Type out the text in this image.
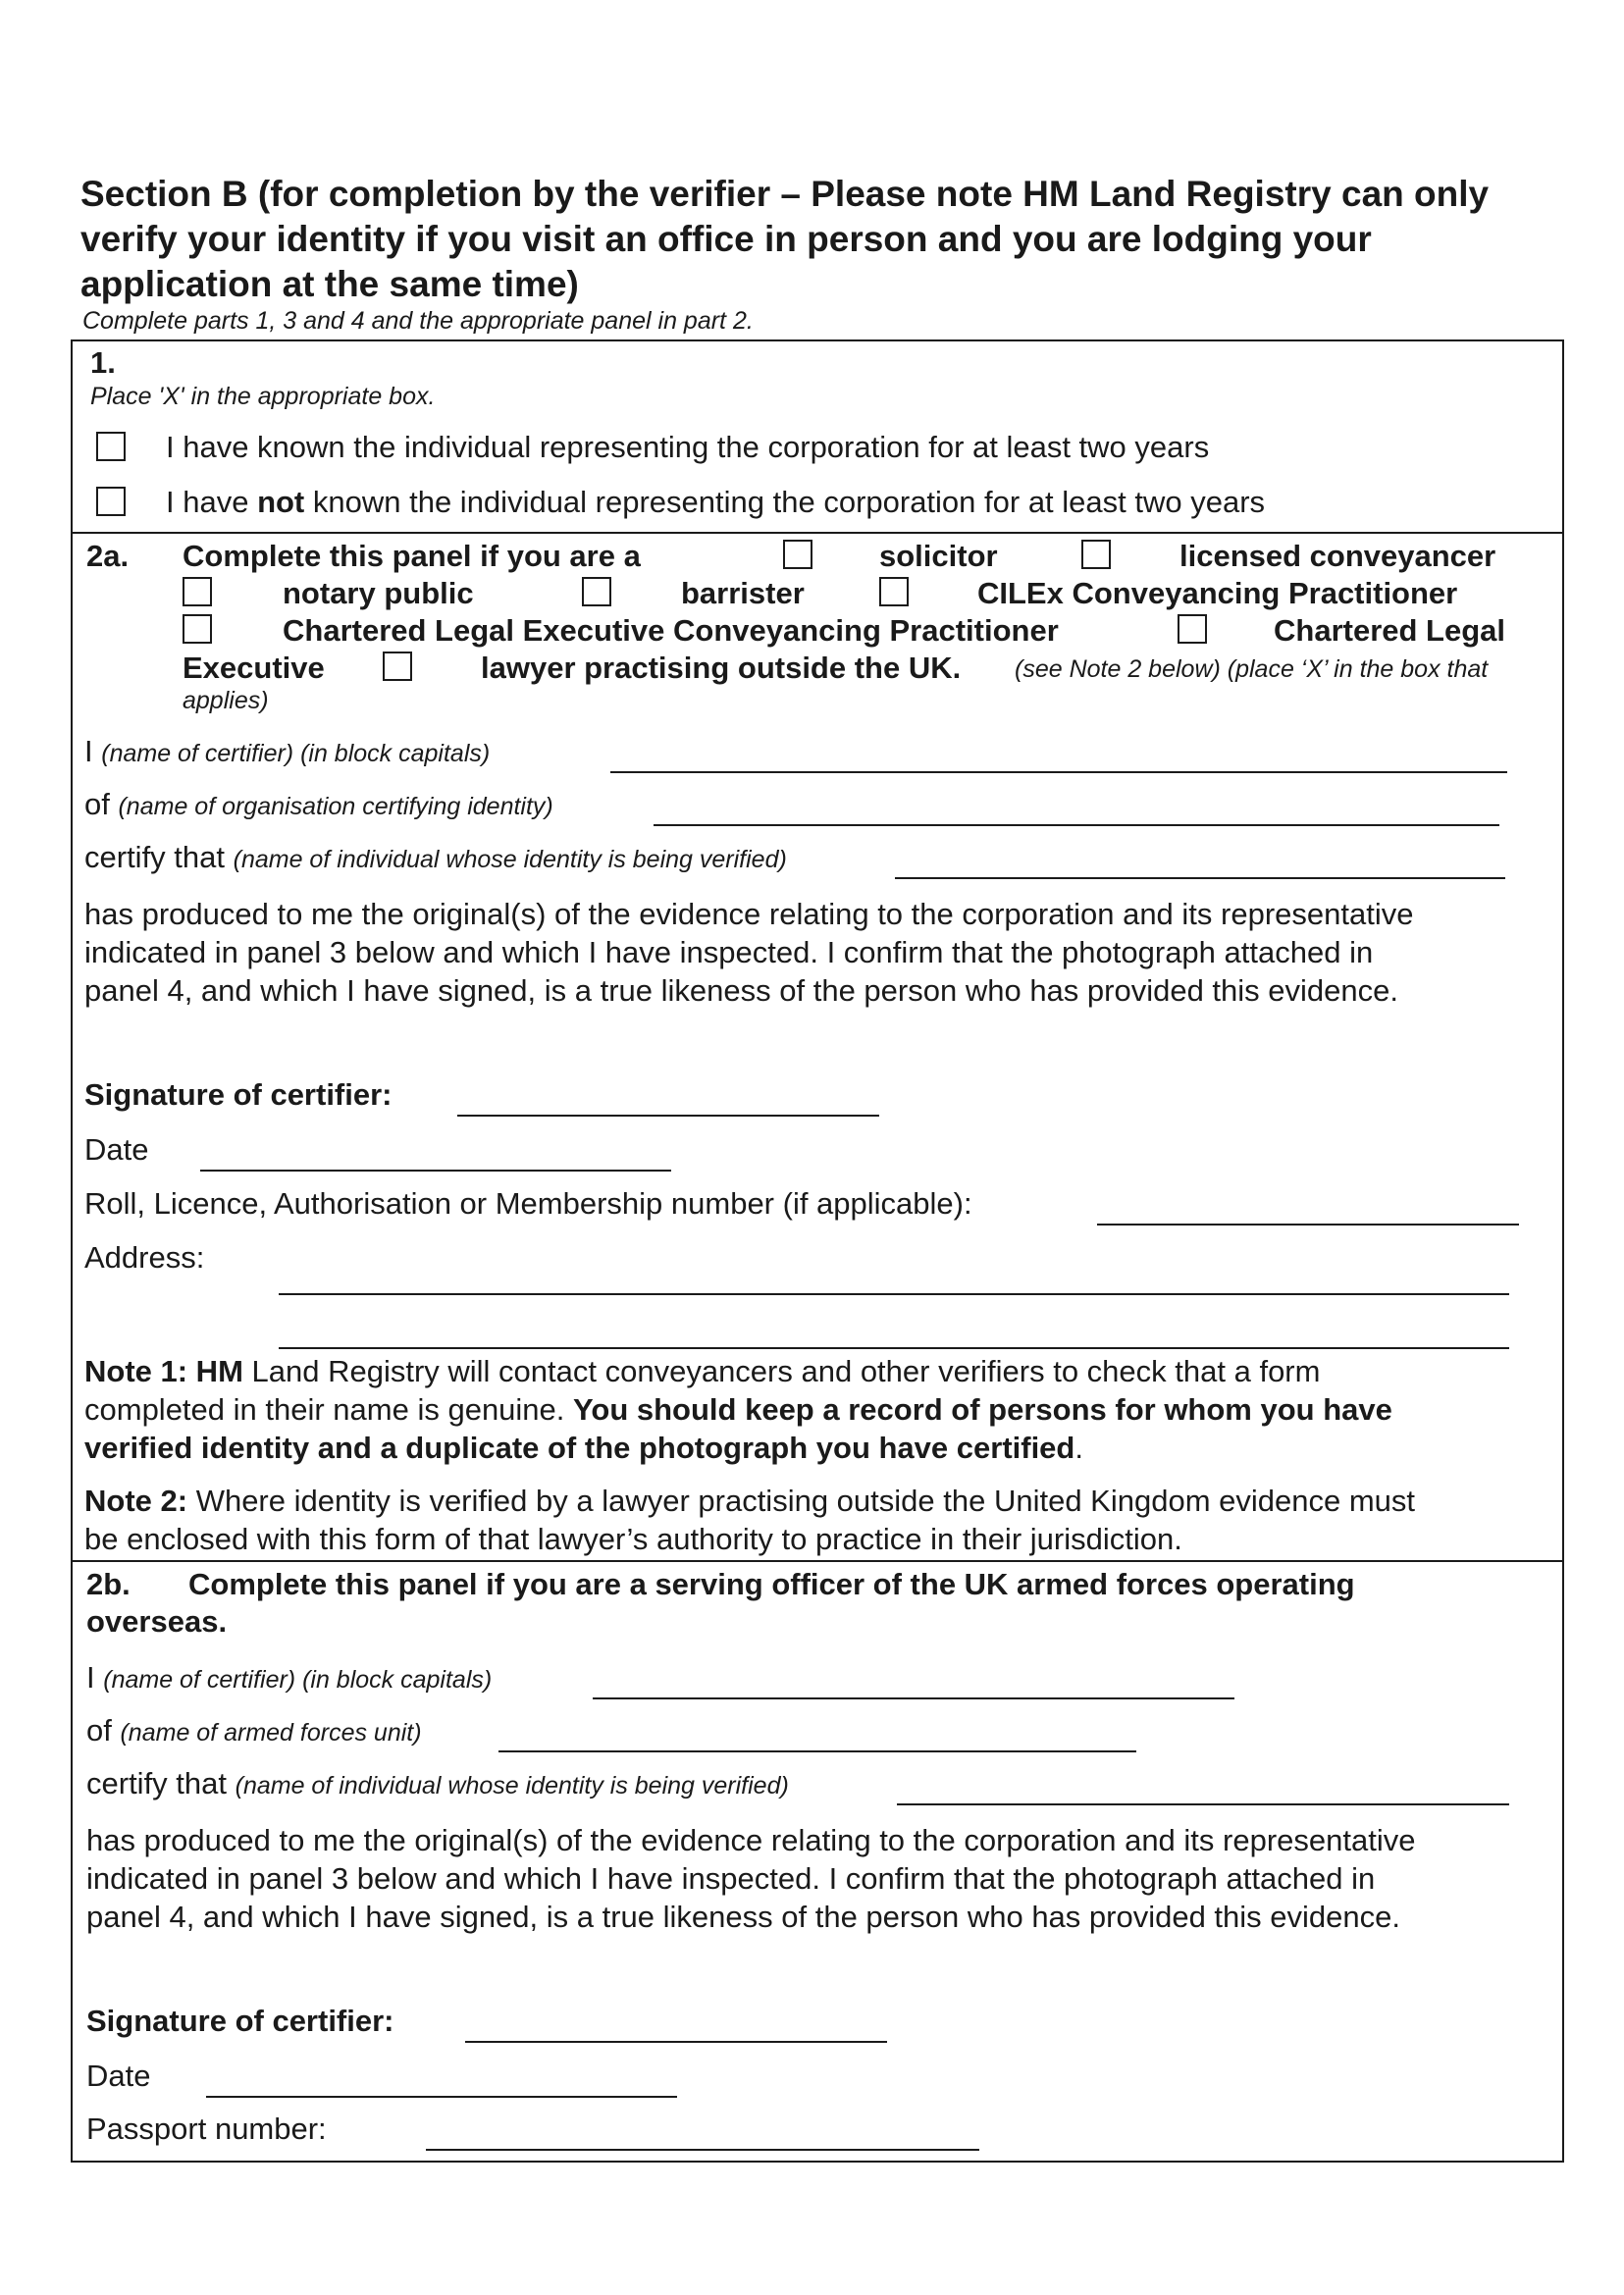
Section B (for completion by the verifier – Please note HM Land Registry can only verify your identity if you visit an office in person and you are lodging your application at the same time)
Complete parts 1, 3 and 4 and the appropriate panel in part 2.
1.
Place 'X' in the appropriate box.
I have known the individual representing the corporation for at least two years
I have not known the individual representing the corporation for at least two years
2a. Complete this panel if you are a	solicitor	licensed conveyancer
notary public	barrister	CILEx Conveyancing Practitioner
Chartered Legal Executive Conveyancing Practitioner	Chartered Legal
Executive	lawyer practising outside the UK. (see Note 2 below) (place ‘X’ in the box that
applies)
I (name of certifier) (in block capitals)
of (name of organisation certifying identity)
certify that (name of individual whose identity is being verified)
has produced to me the original(s) of the evidence relating to the corporation and its representative
indicated in panel 3 below and which I have inspected. I confirm that the photograph attached in
panel 4, and which I have signed, is a true likeness of the person who has provided this evidence.
Signature of certifier:
Date
Roll, Licence, Authorisation or Membership number (if applicable):
Address:
Note 1: HM Land Registry will contact conveyancers and other verifiers to check that a form
completed in their name is genuine. You should keep a record of persons for whom you have
verified identity and a duplicate of the photograph you have certified.
Note 2: Where identity is verified by a lawyer practising outside the United Kingdom evidence must
be enclosed with this form of that lawyer’s authority to practice in their jurisdiction.
2b. Complete this panel if you are a serving officer of the UK armed forces operating
overseas.
I (name of certifier) (in block capitals)
of (name of armed forces unit)
certify that (name of individual whose identity is being verified)
has produced to me the original(s) of the evidence relating to the corporation and its representative
indicated in panel 3 below and which I have inspected. I confirm that the photograph attached in
panel 4, and which I have signed, is a true likeness of the person who has provided this evidence.
Signature of certifier:
Date
Passport number:
